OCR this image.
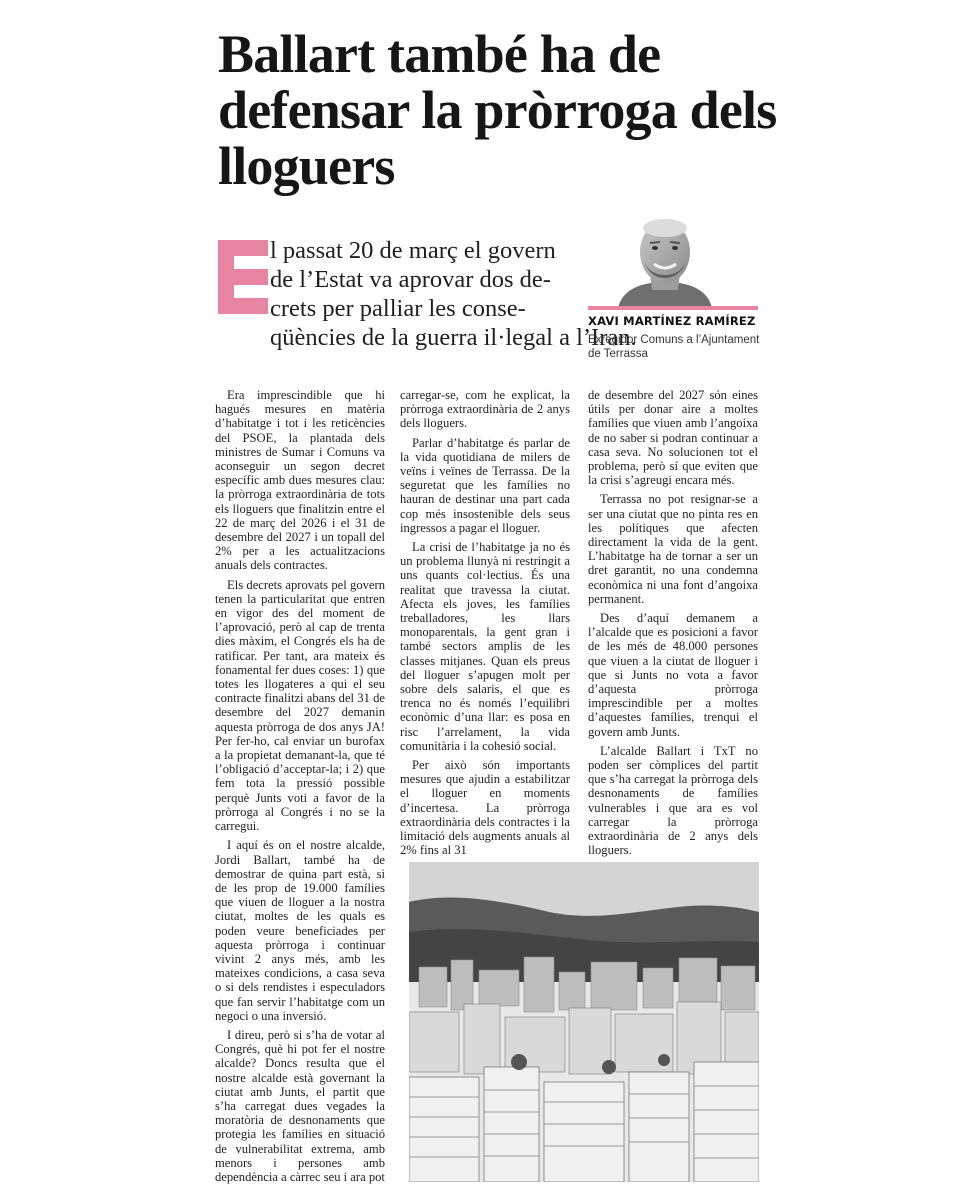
Ballart també ha de defensar la pròrroga dels lloguers
l passat 20 de març el govern
de l’Estat va aprovar dos de-
crets per palliar les conse-
qüències de la guerra il·legal a l’Iran.
XAVI MARTÍNEZ RAMÍREZ
Exregidor Comuns a l’Ajuntament de Terrassa

Era imprescindible que hi hagués mesures en matèria d’habitatge i tot i les reticències del PSOE, la plantada dels ministres de Sumar i Comuns va aconseguir un segon decret específic amb dues mesures clau: la pròrroga extraordinària de tots els lloguers que finalitzin entre el 22 de març del 2026 i el 31 de desembre del 2027 i un topall del 2% per a les actualitzacions anuals dels contractes.

Els decrets aprovats pel govern tenen la particularitat que entren en vigor des del moment de l’aprovació, però al cap de trenta dies màxim, el Congrés els ha de ratificar. Per tant, ara mateix és fonamental fer dues coses: 1) que totes les llogateres a qui el seu contracte finalitzi abans del 31 de desembre del 2027 demanin aquesta pròrroga de dos anys JA! Per fer-ho, cal enviar un burofax a la propietat demanant-la, que té l’obligació d’acceptar-la; i 2) que fem tota la pressió possible perquè Junts voti a favor de la pròrroga al Congrés i no se la carregui.

I aquí és on el nostre alcalde, Jordi Ballart, també ha de demostrar de quina part està, si de les prop de 19.000 famílies que viuen de lloguer a la nostra ciutat, moltes de les quals es poden veure beneficiades per aquesta pròrroga i continuar vivint 2 anys més, amb les mateixes condicions, a casa seva o si dels rendistes i especuladors que fan servir l’habitatge com un negoci o una inversió.

I direu, però si s’ha de votar al Congrés, què hi pot fer el nostre alcalde? Doncs resulta que el nostre alcalde està governant la ciutat amb Junts, el partit que s’ha carregat dues vegades la moratòria de desnonaments que protegia les famílies en situació de vulnerabilitat extrema, amb menors i persones amb dependència a càrrec seu i ara pot

carregar-se, com he explicat, la pròrroga extraordinària de 2 anys dels lloguers.

Parlar d’habitatge és parlar de la vida quotidiana de milers de veïns i veïnes de Terrassa. De la seguretat que les famílies no hauran de destinar una part cada cop més insostenible dels seus ingressos a pagar el lloguer.

La crisi de l’habitatge ja no és un problema llunyà ni restringit a uns quants col·lectius. És una realitat que travessa la ciutat. Afecta els joves, les famílies treballadores, les llars monoparentals, la gent gran i també sectors amplis de les classes mitjanes. Quan els preus del lloguer s’apugen molt per sobre dels salaris, el que es trenca no és només l’equilibri econòmic d’una llar: es posa en risc l’arrelament, la vida comunitària i la cohesió social.

Per això són importants mesures que ajudin a estabilitzar el lloguer en moments d’incertesa. La pròrroga extraordinària dels contractes i la limitació dels augments anuals al 2% fins al 31

de desembre del 2027 són eines útils per donar aire a moltes famílies que viuen amb l’angoixa de no saber si podran continuar a casa seva. No solucionen tot el problema, però sí que eviten que la crisi s’agreugi encara més.

Terrassa no pot resignar-se a ser una ciutat que no pinta res en les polítiques que afecten directament la vida de la gent. L’habitatge ha de tornar a ser un dret garantit, no una condemna econòmica ni una font d’angoixa permanent.

Des d’aquí demanem a l’alcalde que es posicioni a favor de les més de 48.000 persones que viuen a la ciutat de lloguer i que si Junts no vota a favor d’aquesta pròrroga imprescindible per a moltes d’aquestes famílies, trenqui el govern amb Junts.

L’alcalde Ballart i TxT no poden ser còmplices del partit que s’ha carregat la pròrroga dels desnonaments de famílies vulnerables i que ara es vol carregar la pròrroga extraordinària de 2 anys dels lloguers.
